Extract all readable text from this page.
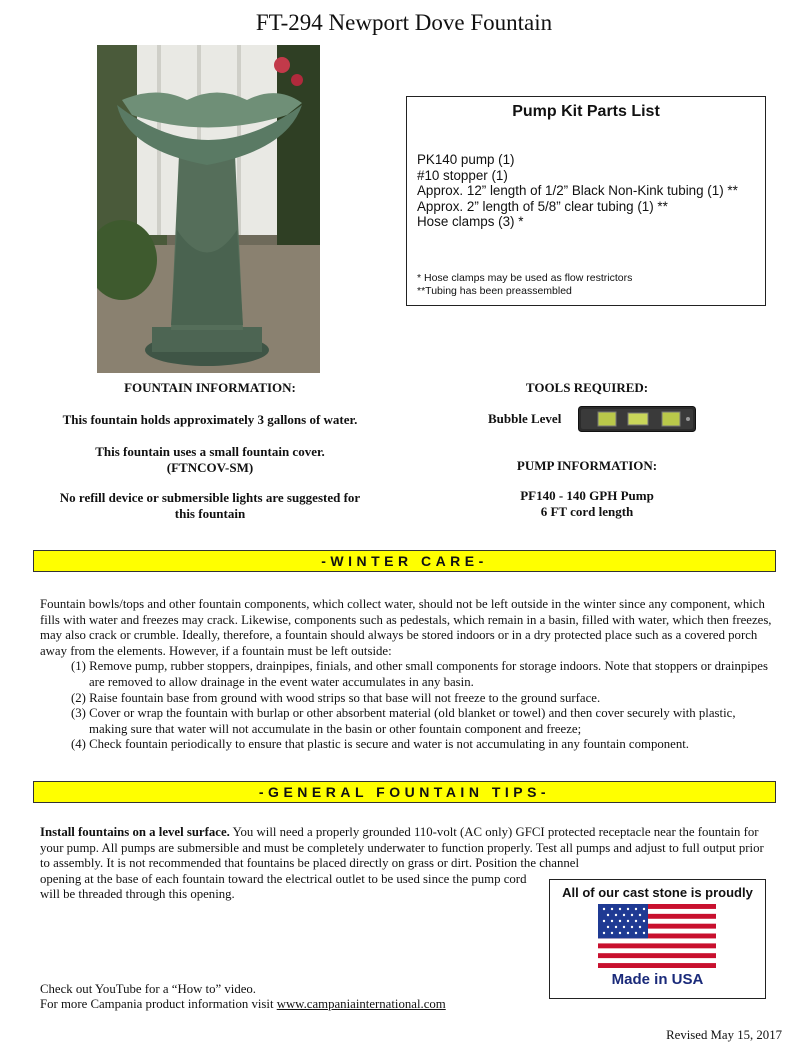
FT-294 Newport Dove Fountain
Pump Kit Parts List
PK140 pump (1)
#10 stopper (1)
Approx. 12” length of 1/2” Black Non-Kink tubing (1) **
Approx. 2” length of 5/8” clear tubing (1) **
Hose clamps (3) *
* Hose clamps may be used as flow restrictors
**Tubing has been preassembled
FOUNTAIN INFORMATION:
This fountain holds approximately 3 gallons of water.
This fountain uses a small fountain cover.
(FTNCOV-SM)
No refill device or submersible lights are suggested for
this fountain
TOOLS REQUIRED:
Bubble Level
PUMP INFORMATION:
PF140 - 140 GPH Pump
6 FT cord length
-WINTER CARE-

Fountain bowls/tops and other fountain components, which collect water, should not be left outside in the winter since any component, which fills with water and freezes may crack. Likewise, components such as pedestals, which remain in a basin, filled with water, which then freezes, may also crack or crumble. Ideally, therefore, a fountain should always be stored indoors or in a dry protected place such as a covered porch away from the elements. However, if a fountain must be left outside:

(1) Remove pump, rubber stoppers, drainpipes, finials, and other small components for storage indoors. Note that stoppers or drainpipes are removed to allow drainage in the event water accumulates in any basin.

(2) Raise fountain base from ground with wood strips so that base will not freeze to the ground surface.

(3) Cover or wrap the fountain with burlap or other absorbent material (old blanket or towel) and then cover securely with plastic, making sure that water will not accumulate in the basin or other fountain component and freeze;

(4) Check fountain periodically to ensure that plastic is secure and water is not accumulating in any fountain component.

-GENERAL FOUNTAIN TIPS-
Install fountains on a level surface. You will need a properly grounded 110-volt (AC only) GFCI protected receptacle near the fountain for your pump. All pumps are submersible and must be completely underwater to function properly. Test all pumps and adjust to full output prior to assembly. It is not recommended that fountains be placed directly on grass or dirt. Position the channel
opening at the base of each fountain toward the electrical outlet to be used since the pump cord will be threaded through this opening.	All of our cast stone is proudly
Made in USA
Check out YouTube for a “How to” video.
For more Campania product information visit www.campaniainternational.com
Revised May 15, 2017
